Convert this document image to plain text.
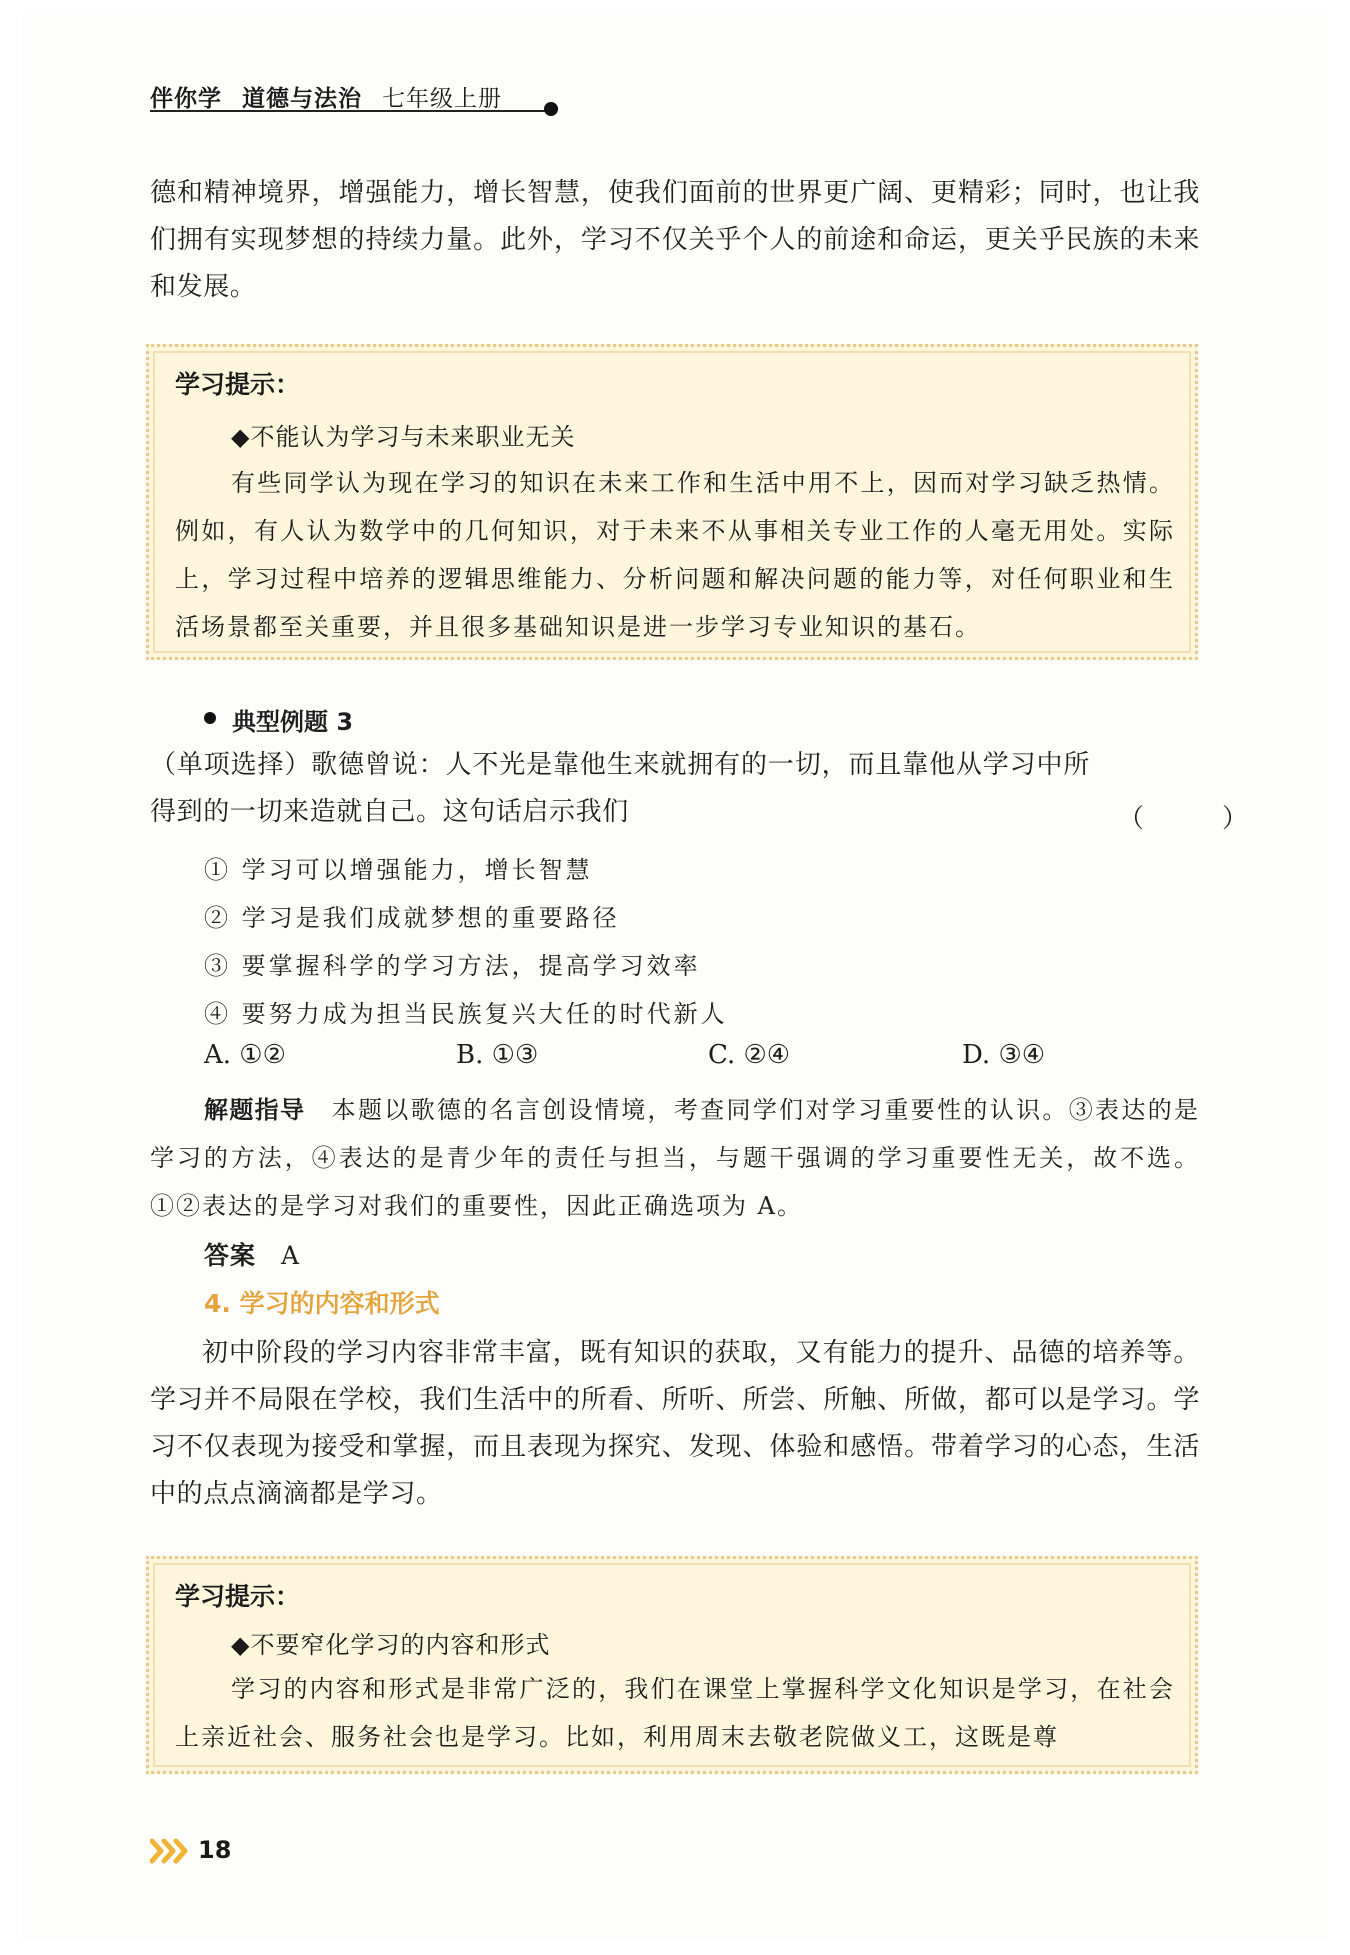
伴你学 道德与法治 七年级上册

德和精神境界，增强能力，增长智慧，使我们面前的世界更广阔、更精彩；同时，也让我们拥有实现梦想的持续力量。此外，学习不仅关乎个人的前途和命运，更关乎民族的未来和发展。

学习提示：
◆不能认为学习与未来职业无关

有些同学认为现在学习的知识在未来工作和生活中用不上，因而对学习缺乏热情。例如，有人认为数学中的几何知识，对于未来不从事相关专业工作的人毫无用处。实际上，学习过程中培养的逻辑思维能力、分析问题和解决问题的能力等，对任何职业和生活场景都至关重要，并且很多基础知识是进一步学习专业知识的基石。

典型例题 3

（单项选择）歌德曾说：人不光是靠他生来就拥有的一切，而且靠他从学习中所得到的一切来造就自己。这句话启示我们	（　）
① 学习可以增强能力，增长智慧
② 学习是我们成就梦想的重要路径
③ 要掌握科学的学习方法，提高学习效率
④ 要努力成为担当民族复兴大任的时代新人
A. ①②	B. ①③	C. ②④	D. ③④

解题指导　 本题以歌德的名言创设情境，考查同学们对学习重要性的认识。③表达的是学习的方法，④表达的是青少年的责任与担当，与题干强调的学习重要性无关，故不选。①②表达的是学习对我们的重要性，因此正确选项为 A。

答案　 A
4. 学习的内容和形式

初中阶段的学习内容非常丰富，既有知识的获取，又有能力的提升、品德的培养等。学习并不局限在学校，我们生活中的所看、所听、所尝、所触、所做，都可以是学习。学习不仅表现为接受和掌握，而且表现为探究、发现、体验和感悟。带着学习的心态，生活中的点点滴滴都是学习。

学习提示：
◆不要窄化学习的内容和形式

学习的内容和形式是非常广泛的，我们在课堂上掌握科学文化知识是学习，在社会上亲近社会、服务社会也是学习。比如，利用周末去敬老院做义工，这既是尊

18
